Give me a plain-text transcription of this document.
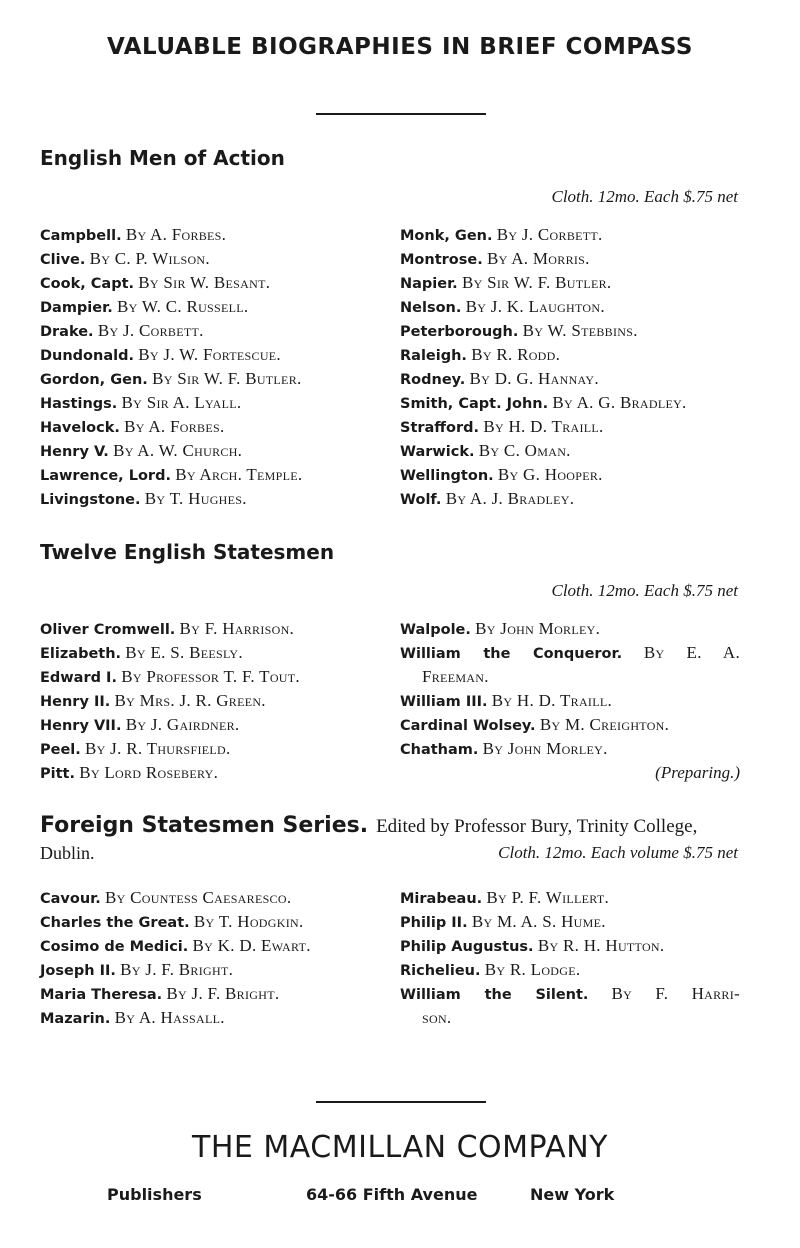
VALUABLE BIOGRAPHIES IN BRIEF COMPASS
English Men of Action
Cloth. 12mo. Each $.75 net
Campbell. By A. Forbes.
Clive. By C. P. Wilson.
Cook, Capt. By Sir W. Besant.
Dampier. By W. C. Russell.
Drake. By J. Corbett.
Dundonald. By J. W. Fortescue.
Gordon, Gen. By Sir W. F. Butler.
Hastings. By Sir A. Lyall.
Havelock. By A. Forbes.
Henry V. By A. W. Church.
Lawrence, Lord. By Arch. Temple.
Livingstone. By T. Hughes.
Monk, Gen. By J. Corbett.
Montrose. By A. Morris.
Napier. By Sir W. F. Butler.
Nelson. By J. K. Laughton.
Peterborough. By W. Stebbins.
Raleigh. By R. Rodd.
Rodney. By D. G. Hannay.
Smith, Capt. John. By A. G. Bradley.
Strafford. By H. D. Traill.
Warwick. By C. Oman.
Wellington. By G. Hooper.
Wolf. By A. J. Bradley.
Twelve English Statesmen
Cloth. 12mo. Each $.75 net
Oliver Cromwell. By F. Harrison.
Elizabeth. By E. S. Beesly.
Edward I. By Professor T. F. Tout.
Henry II. By Mrs. J. R. Green.
Henry VII. By J. Gairdner.
Peel. By J. R. Thursfield.
Pitt. By Lord Rosebery.
Walpole. By John Morley.
William the Conqueror. By E. A.
Freeman.
William III. By H. D. Traill.
Cardinal Wolsey. By M. Creighton.
Chatham. By John Morley.
(Preparing.)
Foreign Statesmen Series. Edited by Professor Bury, Trinity College,
Dublin.	Cloth. 12mo. Each volume $.75 net
Cavour. By Countess Caesaresco.
Charles the Great. By T. Hodgkin.
Cosimo de Medici. By K. D. Ewart.
Joseph II. By J. F. Bright.
Maria Theresa. By J. F. Bright.
Mazarin. By A. Hassall.
Mirabeau. By P. F. Willert.
Philip II. By M. A. S. Hume.
Philip Augustus. By R. H. Hutton.
Richelieu. By R. Lodge.
William the Silent. By F. Harri-
son.
THE MACMILLAN COMPANY
Publishers	64-66 Fifth Avenue	New York
